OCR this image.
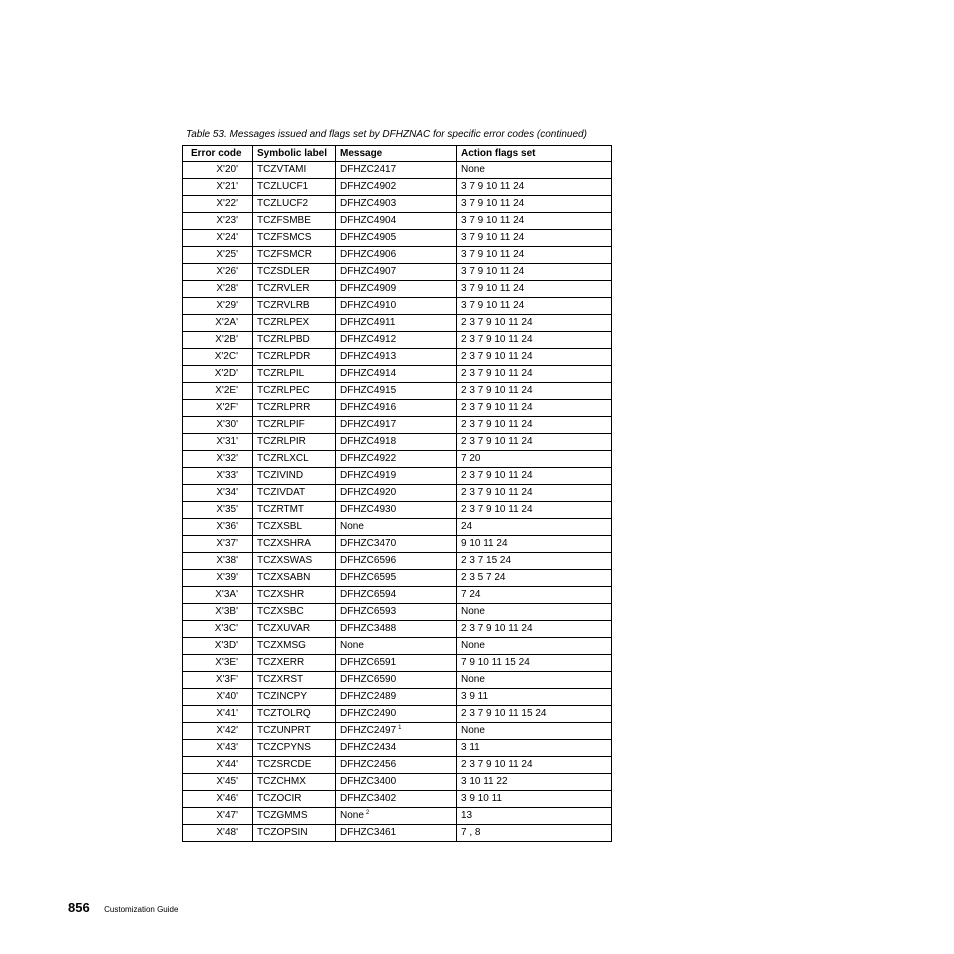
Table 53. Messages issued and flags set by DFHZNAC for specific error codes (continued)
Error code	Symbolic label	Message	Action flags set
X'20'	TCZVTAMI	DFHZC2417	None
X'21'	TCZLUCF1	DFHZC4902	3 7 9 10 11 24
X'22'	TCZLUCF2	DFHZC4903	3 7 9 10 11 24
X'23'	TCZFSMBE	DFHZC4904	3 7 9 10 11 24
X'24'	TCZFSMCS	DFHZC4905	3 7 9 10 11 24
X'25'	TCZFSMCR	DFHZC4906	3 7 9 10 11 24
X'26'	TCZSDLER	DFHZC4907	3 7 9 10 11 24
X'28'	TCZRVLER	DFHZC4909	3 7 9 10 11 24
X'29'	TCZRVLRB	DFHZC4910	3 7 9 10 11 24
X'2A'	TCZRLPEX	DFHZC4911	2 3 7 9 10 11 24
X'2B'	TCZRLPBD	DFHZC4912	2 3 7 9 10 11 24
X'2C'	TCZRLPDR	DFHZC4913	2 3 7 9 10 11 24
X'2D'	TCZRLPIL	DFHZC4914	2 3 7 9 10 11 24
X'2E'	TCZRLPEC	DFHZC4915	2 3 7 9 10 11 24
X'2F'	TCZRLPRR	DFHZC4916	2 3 7 9 10 11 24
X'30'	TCZRLPIF	DFHZC4917	2 3 7 9 10 11 24
X'31'	TCZRLPIR	DFHZC4918	2 3 7 9 10 11 24
X'32'	TCZRLXCL	DFHZC4922	7 20
X'33'	TCZIVIND	DFHZC4919	2 3 7 9 10 11 24
X'34'	TCZIVDAT	DFHZC4920	2 3 7 9 10 11 24
X'35'	TCZRTMT	DFHZC4930	2 3 7 9 10 11 24
X'36'	TCZXSBL	None	24
X'37'	TCZXSHRA	DFHZC3470	9 10 11 24
X'38'	TCZXSWAS	DFHZC6596	2 3 7 15 24
X'39'	TCZXSABN	DFHZC6595	2 3 5 7 24
X'3A'	TCZXSHR	DFHZC6594	7 24
X'3B'	TCZXSBC	DFHZC6593	None
X'3C'	TCZXUVAR	DFHZC3488	2 3 7 9 10 11 24
X'3D'	TCZXMSG	None	None
X'3E'	TCZXERR	DFHZC6591	7 9 10 11 15 24
X'3F'	TCZXRST	DFHZC6590	None
X'40'	TCZINCPY	DFHZC2489	3 9 11
X'41'	TCZTOLRQ	DFHZC2490	2 3 7 9 10 11 15 24
X'42'	TCZUNPRT	DFHZC2497 $^1$	None
X'43'	TCZCPYNS	DFHZC2434	3 11
X'44'	TCZSRCDE	DFHZC2456	2 3 7 9 10 11 24
X'45'	TCZCHMX	DFHZC3400	3 10 11 22
X'46'	TCZOCIR	DFHZC3402	3 9 10 11
X'47'	TCZGMMS	None $^2$	13
X'48'	TCZOPSIN	DFHZC3461	7 , 8
856 Customization Guide
